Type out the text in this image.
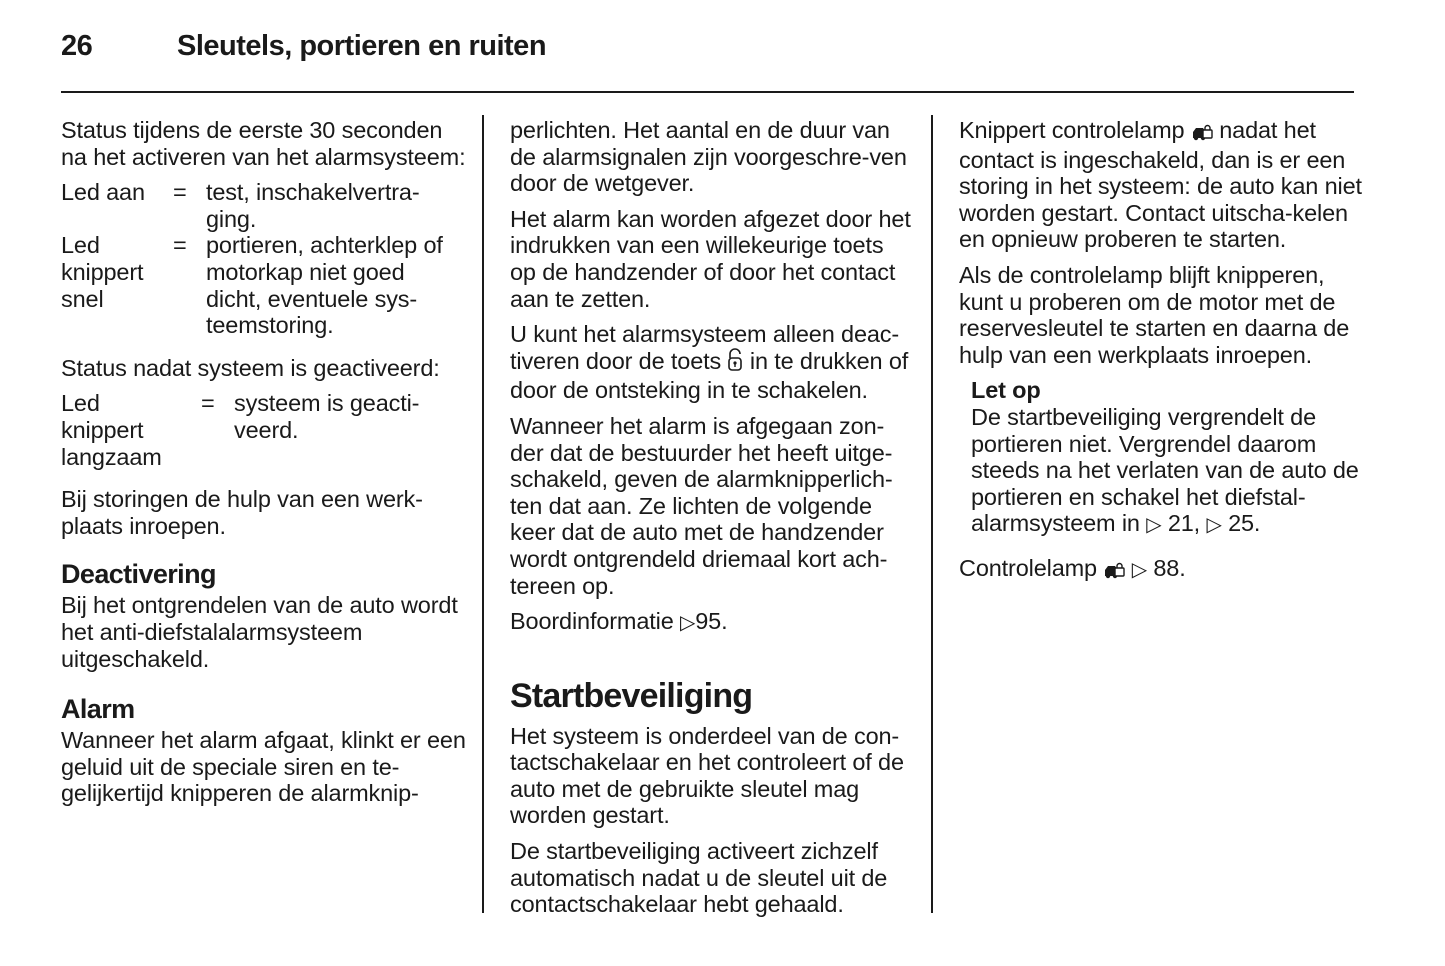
26	Sleutels, portieren en ruiten

Status tijdens de eerste 30 seconden na het activeren van het alarmsysteem:

Led aan	= test, inschakelvertra-ging.
Led knippert snel
= portieren, achterklep of motorkap niet goed dicht, eventuele sys-teemstoring.

Status nadat systeem is geactiveerd:

Led knippert langzaam
= systeem is geacti-veerd.

Bij storingen de hulp van een werk-plaats inroepen.

Deactivering

Bij het ontgrendelen van de auto wordt het anti-diefstalalarmsysteem uitgeschakeld.

Alarm

Wanneer het alarm afgaat, klinkt er een geluid uit de speciale siren en te-gelijkertijd knipperen de alarmknip-

perlichten. Het aantal en de duur van de alarmsignalen zijn voorgeschre-ven door de wetgever.

Het alarm kan worden afgezet door het indrukken van een willekeurige toets op de handzender of door het contact aan te zetten.

U kunt het alarmsysteem alleen deac-tiveren door de toets in te drukken of door de ontsteking in te schakelen.

Wanneer het alarm is afgegaan zon-der dat de bestuurder het heeft uitge-schakeld, geven de alarmknipperlich-ten dat aan. Ze lichten de volgende keer dat de auto met de handzender wordt ontgrendeld driemaal kort ach-tereen op.

Boordinformatie ▷95.

Startbeveiliging

Het systeem is onderdeel van de con-tactschakelaar en het controleert of de auto met de gebruikte sleutel mag worden gestart.

De startbeveiliging activeert zichzelf automatisch nadat u de sleutel uit de contactschakelaar hebt gehaald.

Knippert controlelamp nadat het contact is ingeschakeld, dan is er een storing in het systeem: de auto kan niet worden gestart. Contact uitscha-kelen en opnieuw proberen te starten.

Als de controlelamp blijft knipperen, kunt u proberen om de motor met de reservesleutel te starten en daarna de hulp van een werkplaats inroepen.

Let op
De startbeveiliging vergrendelt de portieren niet. Vergrendel daarom steeds na het verlaten van de auto de portieren en schakel het diefstal-alarmsysteem in ▷ 21, ▷ 25.

Controlelamp ▷ 88.
